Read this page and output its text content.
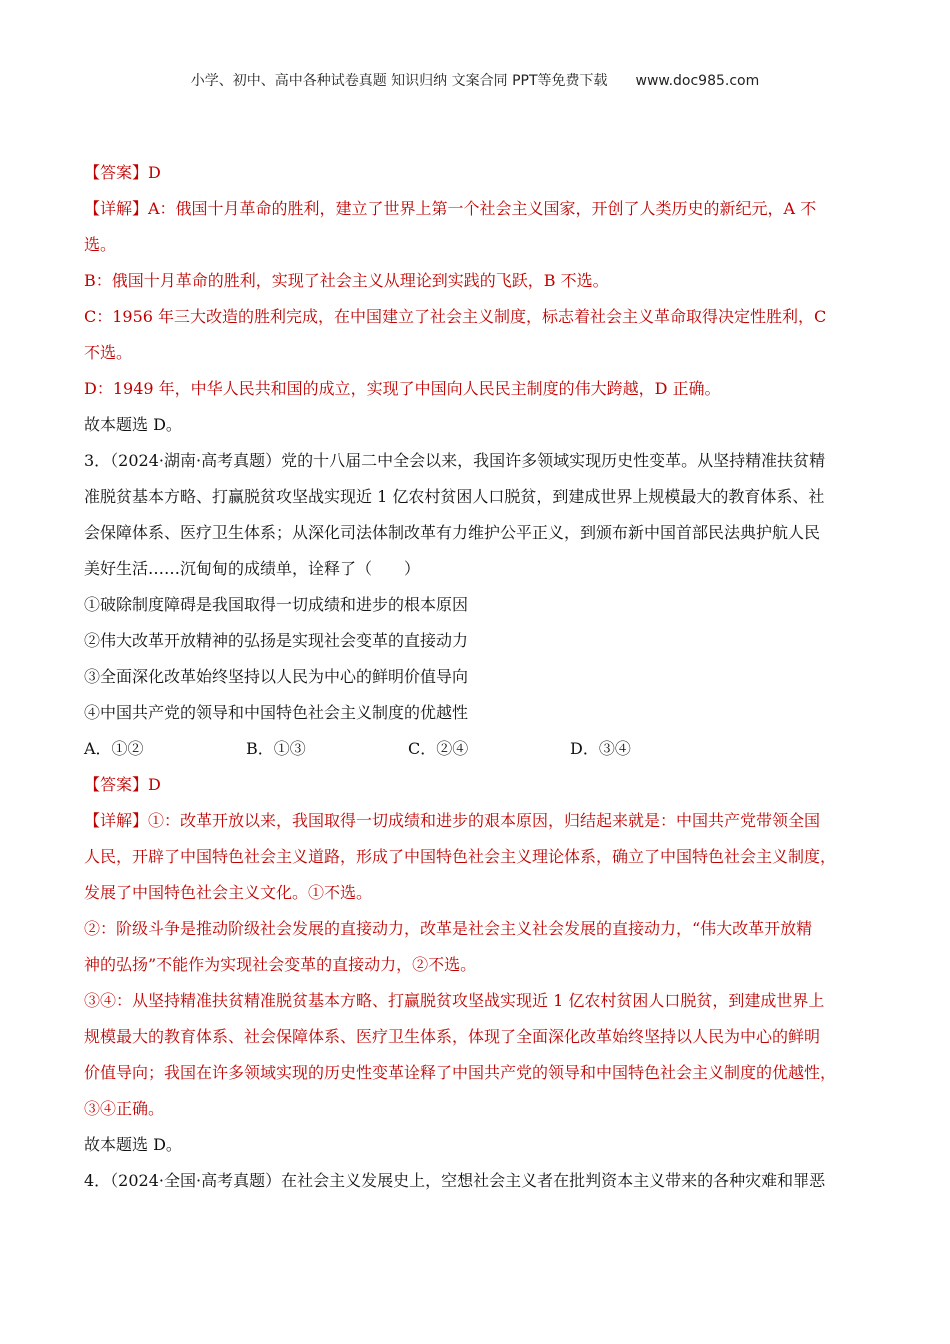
小学、初中、高中各种试卷真题 知识归纳 文案合同 PPT等免费下载 www.doc985.com
【答案】D
【详解】A：俄国十月革命的胜利，建立了世界上第一个社会主义国家，开创了人类历史的新纪元，A 不
选。
B：俄国十月革命的胜利，实现了社会主义从理论到实践的飞跃，B 不选。
C：1956 年三大改造的胜利完成，在中国建立了社会主义制度，标志着社会主义革命取得决定性胜利，C
不选。
D：1949 年，中华人民共和国的成立，实现了中国向人民民主制度的伟大跨越，D 正确。
故本题选 D。
3．（2024·湖南·高考真题）党的十八届二中全会以来，我国许多领域实现历史性变革。从坚持精准扶贫精
准脱贫基本方略、打赢脱贫攻坚战实现近 1 亿农村贫困人口脱贫，到建成世界上规模最大的教育体系、社
会保障体系、医疗卫生体系；从深化司法体制改革有力维护公平正义，到颁布新中国首部民法典护航人民
美好生活……沉甸甸的成绩单，诠释了（　　）
①破除制度障碍是我国取得一切成绩和进步的根本原因
②伟大改革开放精神的弘扬是实现社会变革的直接动力
③全面深化改革始终坚持以人民为中心的鲜明价值导向
④中国共产党的领导和中国特色社会主义制度的优越性
A．①②	B．①③	C．②④	D．③④
【答案】D
【详解】①：改革开放以来，我国取得一切成绩和进步的艰本原因，归结起来就是：中国共产党带领全国
人民，开辟了中国特色社会主义道路，形成了中国特色社会主义理论体系，确立了中国特色社会主义制度，
发展了中国特色社会主义文化。①不选。
②：阶级斗争是推动阶级社会发展的直接动力，改革是社会主义社会发展的直接动力，“伟大改革开放精
神的弘扬”不能作为实现社会变革的直接动力，②不选。
③④：从坚持精准扶贫精准脱贫基本方略、打赢脱贫攻坚战实现近 1 亿农村贫困人口脱贫，到建成世界上
规模最大的教育体系、社会保障体系、医疗卫生体系，体现了全面深化改革始终坚持以人民为中心的鲜明
价值导向；我国在许多领域实现的历史性变革诠释了中国共产党的领导和中国特色社会主义制度的优越性，
③④正确。
故本题选 D。
4．（2024·全国·高考真题）在社会主义发展史上，空想社会主义者在批判资本主义带来的各种灾难和罪恶
